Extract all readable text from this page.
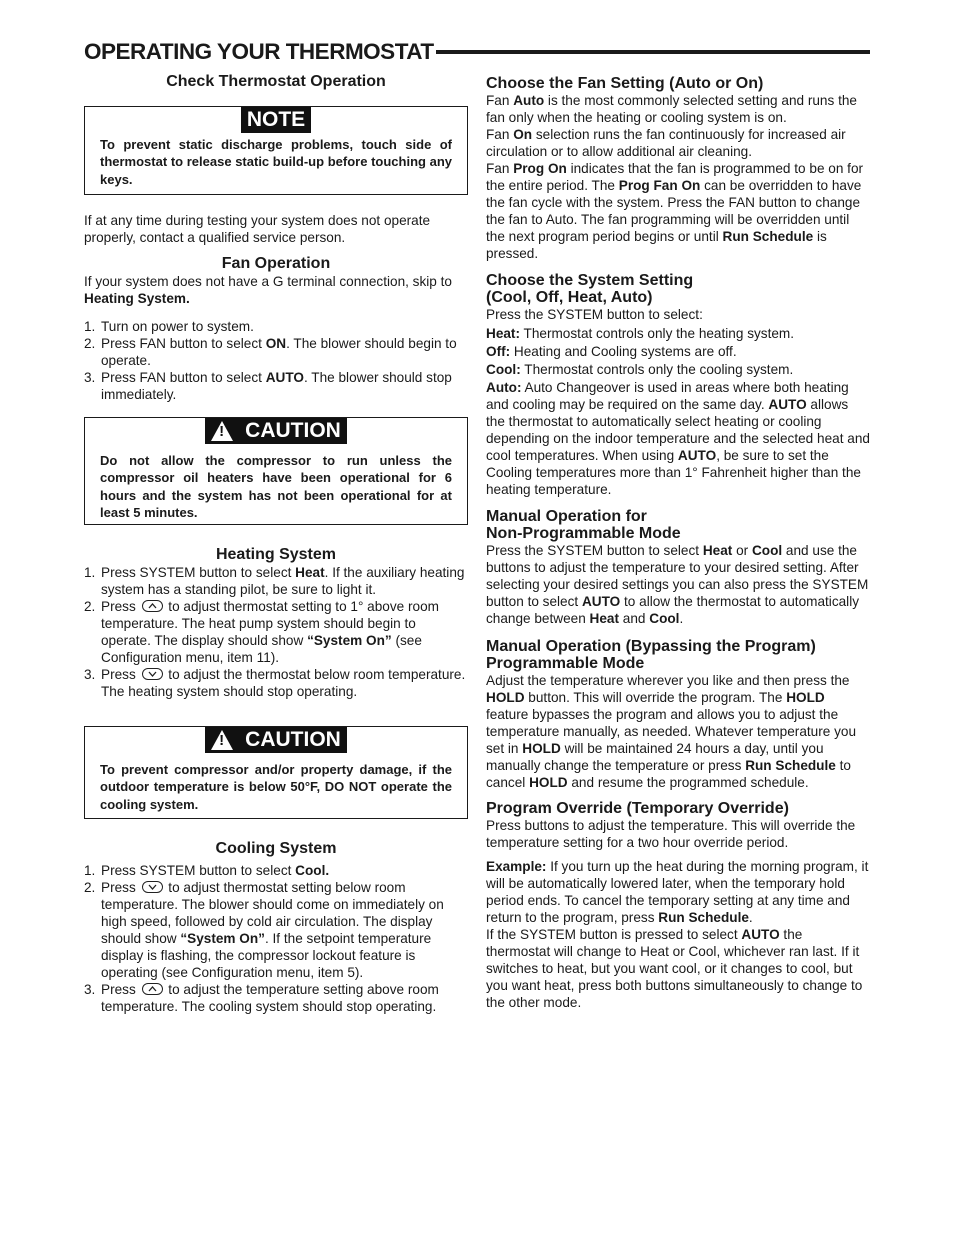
OPERATING YOUR THERMOSTAT
Check Thermostat Operation
NOTE
To prevent static discharge problems, touch side of thermostat to release static build-up before touching any keys.

If at any time during testing your system does not operate properly, contact a qualified service person.

Fan Operation

If your system does not have a G terminal connection, skip to Heating System.

1. Turn on power to system.
2. Press FAN button to select ON. The blower should begin to operate.
3. Press FAN button to select AUTO. The blower should stop immediately.
!
CAUTION
Do not allow the compressor to run unless the compressor oil heaters have been operational for 6 hours and the system has not been operational for at least 5 minutes.
Heating System
1. Press SYSTEM button to select Heat. If the auxiliary heating system has a standing pilot, be sure to light it.
2. Press
to adjust thermostat setting to 1° above room temperature. The heat pump system should begin to operate. The display should show “System On” (see Configuration menu, item 11).
3. Press
to adjust the thermostat below room temperature. The heating system should stop operating.
!
CAUTION
To prevent compressor and/or property damage, if the outdoor temperature is below 50°F, DO NOT operate the cooling system.
Cooling System
1. Press SYSTEM button to select Cool.
2. Press
to adjust thermostat setting below room temperature. The blower should come on immediately on high speed, followed by cold air circulation. The display should show “System On”. If the setpoint temperature display is flashing, the compressor lockout feature is operating (see Configuration menu, item 5).
3. Press
to adjust the temperature setting above room temperature. The cooling system should stop operating.
Choose the Fan Setting (Auto or On)

Fan Auto is the most commonly selected setting and runs the fan only when the heating or cooling system is on.

Fan On selection runs the fan continuously for increased air circulation or to allow additional air cleaning.

Fan Prog On indicates that the fan is programmed to be on for the entire period. The Prog Fan On can be overridden to have the fan cycle with the system. Press the FAN button to change the fan to Auto. The fan programming will be overridden until the next program period begins or until Run Schedule is pressed.

Choose the System Setting
(Cool, Off, Heat, Auto)

Press the SYSTEM button to select:

Heat: Thermostat controls only the heating system.

Off: Heating and Cooling systems are off.

Cool: Thermostat controls only the cooling system.

Auto: Auto Changeover is used in areas where both heating and cooling may be required on the same day. AUTO allows the thermostat to automatically select heating or cooling depending on the indoor temperature and the selected heat and cool temperatures. When using AUTO, be sure to set the Cooling temperatures more than 1° Fahrenheit higher than the heating temperature.

Manual Operation for
Non-Programmable Mode

Press the SYSTEM button to select Heat or Cool and use the buttons to adjust the temperature to your desired setting. After selecting your desired settings you can also press the SYSTEM button to select AUTO to allow the thermostat to automatically change between Heat and Cool.

Manual Operation (Bypassing the Program)
Programmable Mode

Adjust the temperature wherever you like and then press the HOLD button. This will override the program. The HOLD feature bypasses the program and allows you to adjust the temperature manually, as needed. Whatever temperature you set in HOLD will be maintained 24 hours a day, until you manually change the temperature or press Run Schedule to cancel HOLD and resume the programmed schedule.

Program Override (Temporary Override)

Press buttons to adjust the temperature. This will override the temperature setting for a two hour override period.

Example: If you turn up the heat during the morning program, it will be automatically lowered later, when the temporary hold period ends. To cancel the temporary setting at any time and return to the program, press Run Schedule.

If the SYSTEM button is pressed to select AUTO the thermostat will change to Heat or Cool, whichever ran last. If it switches to heat, but you want cool, or it changes to cool, but you want heat, press both buttons simultaneously to change to the other mode.
